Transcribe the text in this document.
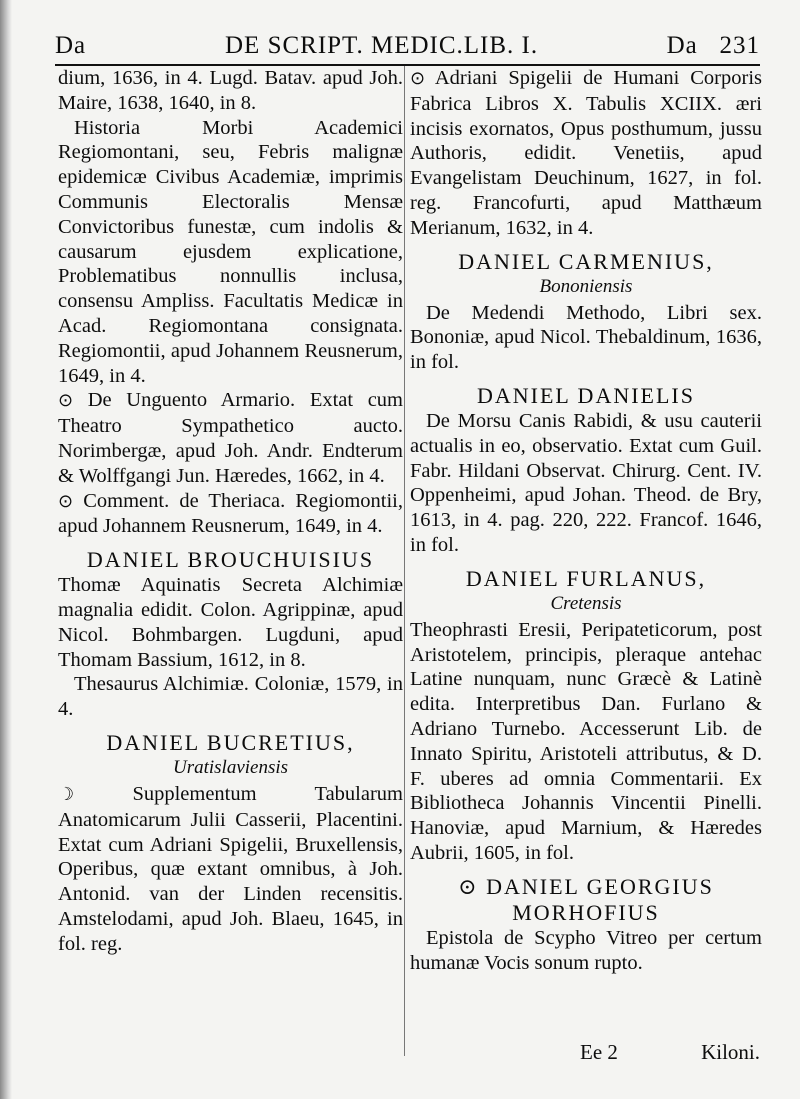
Da	DE SCRIPT. MEDIC.LIB. I.	Da 231

dium, 1636, in 4. Lugd. Batav. apud Joh. Maire, 1638, 1640, in 8.

Historia Morbi Academici Regiomontani, seu, Febris malignæ epidemicæ Civibus Academiæ, imprimis Communis Electoralis Mensæ Convictoribus funestæ, cum indolis & causarum ejusdem explicatione, Problematibus nonnullis inclusa, consensu Ampliss. Facultatis Medicæ in Acad. Regiomontana consignata. Regiomontii, apud Johannem Reusnerum, 1649, in 4.

⊙ De Unguento Armario. Extat cum Theatro Sympathetico aucto. Norimbergæ, apud Joh. Andr. Endterum & Wolffgangi Jun. Hæredes, 1662, in 4.

⊙ Comment. de Theriaca. Regiomontii, apud Johannem Reusnerum, 1649, in 4.

DANIEL BROUCHUISIUS

Thomæ Aquinatis Secreta Alchimiæ magnalia edidit. Colon. Agrippinæ, apud Nicol. Bohmbargen. Lugduni, apud Thomam Bassium, 1612, in 8.

Thesaurus Alchimiæ. Coloniæ, 1579, in 4.

DANIEL BUCRETIUS,
Uratislaviensis

☽	Supplementum Tabularum Anatomicarum Julii Casserii, Placentini. Extat cum Adriani Spigelii, Bruxellensis, Operibus, quæ extant omnibus, à Joh. Antonid. van der Linden recensitis. Amstelodami, apud Joh. Blaeu, 1645, in fol. reg.

⊙ Adriani Spigelii de Humani Corporis Fabrica Libros X. Tabulis XCIIX. æri incisis exornatos, Opus posthumum, jussu Authoris, edidit. Venetiis, apud Evangelistam Deuchinum, 1627, in fol. reg. Francofurti, apud Matthæum Merianum, 1632, in 4.

DANIEL CARMENIUS,
Bononiensis

De Medendi Methodo, Libri sex. Bononiæ, apud Nicol. Thebaldinum, 1636, in fol.

DANIEL DANIELIS

De Morsu Canis Rabidi, & usu cauterii actualis in eo, observatio. Extat cum Guil. Fabr. Hildani Observat. Chirurg. Cent. IV. Oppenheimi, apud Johan. Theod. de Bry, 1613, in 4. pag. 220, 222. Francof. 1646, in fol.

DANIEL FURLANUS,
Cretensis

Theophrasti Eresii, Peripateticorum, post Aristotelem, principis, pleraque antehac Latine nunquam, nunc Græcè & Latinè edita. Interpretibus Dan. Furlano & Adriano Turnebo. Accesserunt Lib. de Innato Spiritu, Aristoteli attributus, & D. F. uberes ad omnia Commentarii. Ex Bibliotheca Johannis Vincentii Pinelli. Hanoviæ, apud Marnium, & Hæredes Aubrii, 1605, in fol.

⊙ DANIEL GEORGIUS MORHOFIUS

Epistola de Scypho Vitreo per certum humanæ Vocis sonum rupto.

Ee 2	Kiloni.
